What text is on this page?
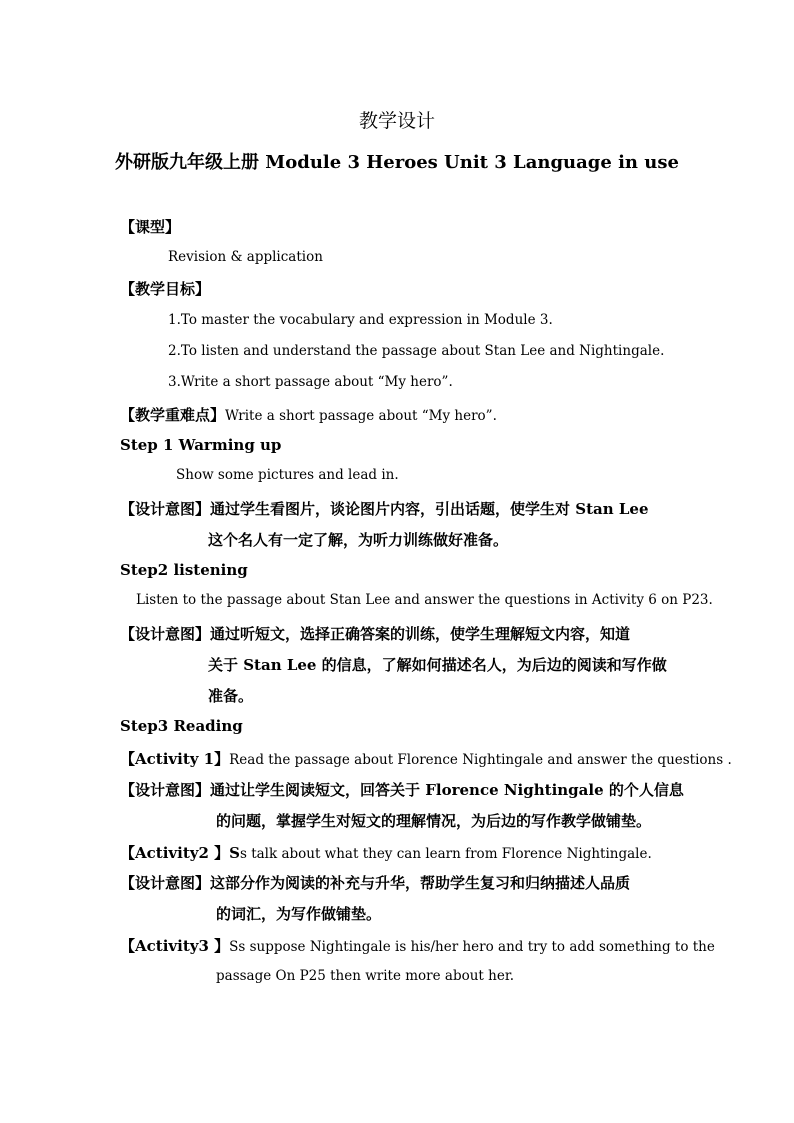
教学设计
外研版九年级上册 Module 3 Heroes Unit 3 Language in use
【课型】
Revision & application
【教学目标】
1.To master the vocabulary and expression in Module 3.
2.To listen and understand the passage about Stan Lee and Nightingale.
3.Write a short passage about “My hero”.
【教学重难点】Write a short passage about “My hero”.
Step 1 Warming up
Show some pictures and lead in.
【设计意图】通过学生看图片，谈论图片内容，引出话题，使学生对 Stan Lee
这个名人有一定了解，为听力训练做好准备。
Step2 listening
Listen to the passage about Stan Lee and answer the questions in Activity 6 on P23.
【设计意图】通过听短文，选择正确答案的训练，使学生理解短文内容，知道
关于 Stan Lee 的信息，了解如何描述名人，为后边的阅读和写作做
准备。
Step3 Reading
【Activity 1】Read the passage about Florence Nightingale and answer the questions .
【设计意图】通过让学生阅读短文，回答关于 Florence Nightingale 的个人信息
的问题，掌握学生对短文的理解情况，为后边的写作教学做铺垫。
【Activity2 】Ss talk about what they can learn from Florence Nightingale.
【设计意图】这部分作为阅读的补充与升华，帮助学生复习和归纳描述人品质
的词汇，为写作做铺垫。
【Activity3 】Ss suppose Nightingale is his/her hero and try to add something to the
passage On P25 then write more about her.
